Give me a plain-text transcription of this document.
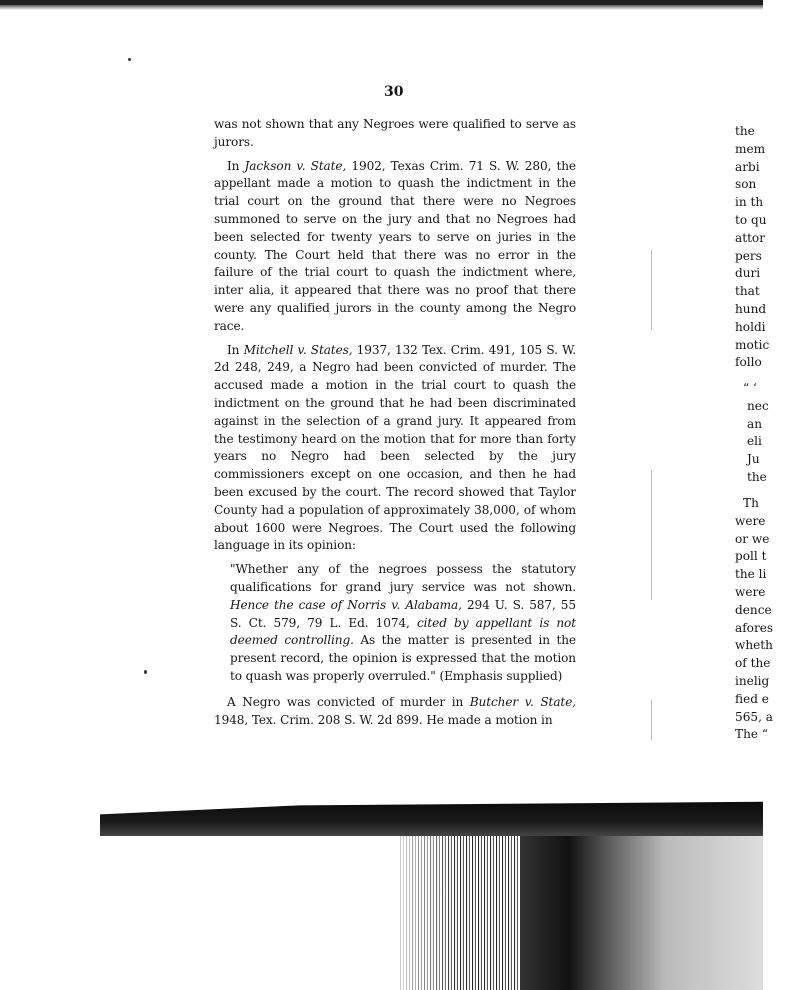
30

was not shown that any Negroes were qualified to serve as jurors.

In Jackson v. State, 1902, Texas Crim. 71 S. W. 280, the appellant made a motion to quash the indictment in the trial court on the ground that there were no Negroes summoned to serve on the jury and that no Negroes had been selected for twenty years to serve on juries in the county. The Court held that there was no error in the failure of the trial court to quash the indictment where, inter alia, it appeared that there was no proof that there were any qualified jurors in the county among the Negro race.

In Mitchell v. States, 1937, 132 Tex. Crim. 491, 105 S. W. 2d 248, 249, a Negro had been convicted of murder. The accused made a motion in the trial court to quash the indictment on the ground that he had been discriminated against in the selection of a grand jury. It appeared from the testimony heard on the motion that for more than forty years no Negro had been selected by the jury commissioners except on one occasion, and then he had been excused by the court. The record showed that Taylor County had a population of approximately 38,000, of whom about 1600 were Negroes. The Court used the following language in its opinion:

"Whether any of the negroes possess the statutory qualifications for grand jury service was not shown. Hence the case of Norris v. Alabama, 294 U. S. 587, 55 S. Ct. 579, 79 L. Ed. 1074, cited by appellant is not deemed controlling. As the matter is presented in the present record, the opinion is expressed that the motion to quash was properly overruled." (Emphasis supplied)

A Negro was convicted of murder in Butcher v. State, 1948, Tex. Crim. 208 S. W. 2d 899. He made a motion in

the
mem
arbi
son
in th
to qu
attor
pers
duri
that
hund
holdi
motic
follo
“ ‘
nec
an
eli
Ju
the
Th
were
or we
poll t
the li
were
dence
afores
wheth
of the
inelig
fied e
565, a
The “
